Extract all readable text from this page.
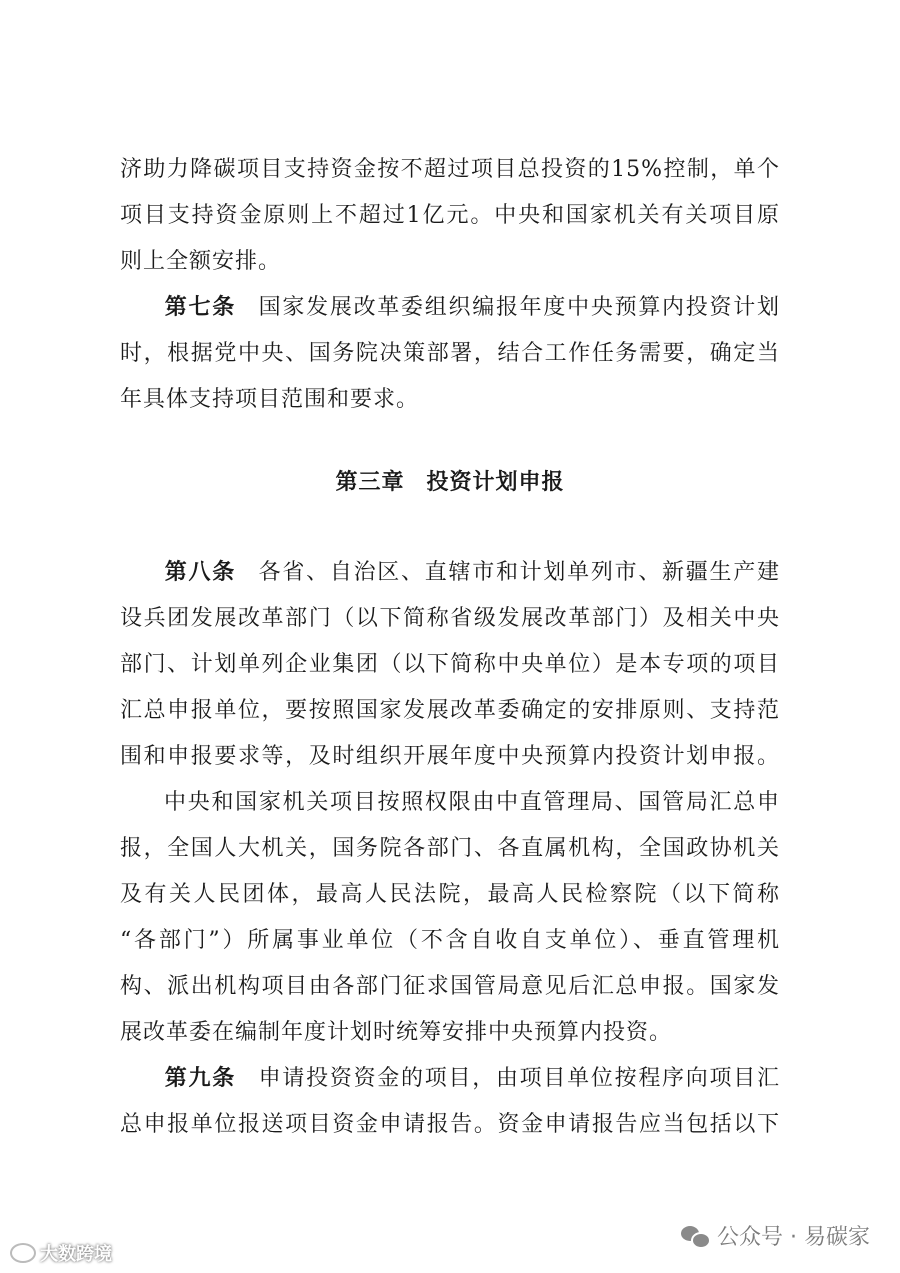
济助力降碳项目支持资金按不超过项目总投资的15%控制，单个
项目支持资金原则上不超过1亿元。中央和国家机关有关项目原
则上全额安排。
第七条 国家发展改革委组织编报年度中央预算内投资计划
时，根据党中央、国务院决策部署，结合工作任务需要，确定当
年具体支持项目范围和要求。
第三章 投资计划申报
第八条 各省、自治区、直辖市和计划单列市、新疆生产建
设兵团发展改革部门（以下简称省级发展改革部门）及相关中央
部门、计划单列企业集团（以下简称中央单位）是本专项的项目
汇总申报单位，要按照国家发展改革委确定的安排原则、支持范
围和申报要求等，及时组织开展年度中央预算内投资计划申报。
中央和国家机关项目按照权限由中直管理局、国管局汇总申
报，全国人大机关，国务院各部门、各直属机构，全国政协机关
及有关人民团体，最高人民法院，最高人民检察院（以下简称
“各部门”）所属事业单位（不含自收自支单位）、垂直管理机
构、派出机构项目由各部门征求国管局意见后汇总申报。国家发
展改革委在编制年度计划时统筹安排中央预算内投资。
第九条 申请投资资金的项目，由项目单位按程序向项目汇
总申报单位报送项目资金申请报告。资金申请报告应当包括以下
公众号 · 易碳家
大数跨境
